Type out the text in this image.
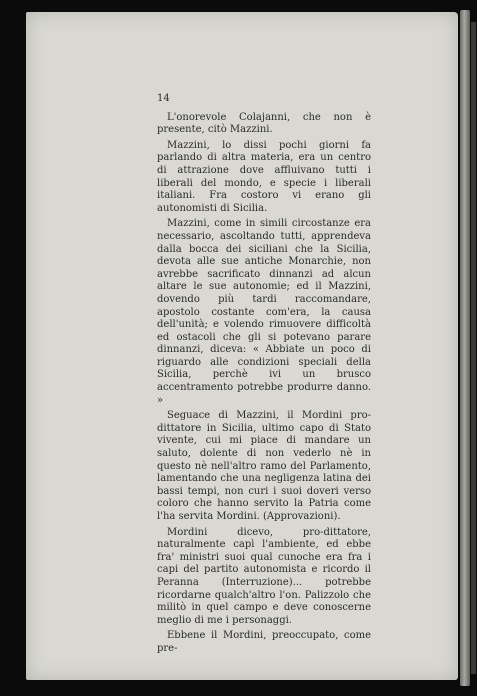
14

L'onorevole Colajanni, che non è presente, citò Mazzini.

Mazzini, lo dissi pochi giorni fa parlando di altra materia, era un centro di attrazione dove affluivano tutti i liberali del mondo, e specie i liberali italiani. Fra costoro vi erano gli autonomisti di Sicilia.

Mazzini, come in simili circostanze era necessario, ascoltando tutti, apprendeva dalla bocca dei siciliani che la Sicilia, devota alle sue antiche Monarchie, non avrebbe sacrificato dinnanzi ad alcun altare le sue autonomie; ed il Mazzini, dovendo più tardi raccomandare, apostolo costante com'era, la causa dell'unità; e volendo rimuovere difficoltà ed ostacoli che gli si potevano parare dinnanzi, diceva: « Abbiate un poco di riguardo alle condizioni speciali della Sicilia, perchè ivi un brusco accentramento potrebbe produrre danno. »

Seguace di Mazzini, il Mordini pro-dittatore in Sicilia, ultimo capo di Stato vivente, cui mi piace di mandare un saluto, dolente di non vederlo nè in questo nè nell'altro ramo del Parlamento, lamentando che una negligenza latina dei bassi tempi, non curi i suoi doveri verso coloro che hanno servito la Patria come l'ha servita Mordini. (Approvazioni).

Mordini dicevo, pro-dittatore, naturalmente capì l'ambiente, ed ebbe fra' ministri suoi qual cunoche era fra i capi del partito autonomista e ricordo il Peranna (Interruzione)... potrebbe ricordarne qualch'altro l'on. Palizzolo che militò in quel campo e deve conoscerne meglio di me i personaggi.

Ebbene il Mordini, preoccupato, come pre-
